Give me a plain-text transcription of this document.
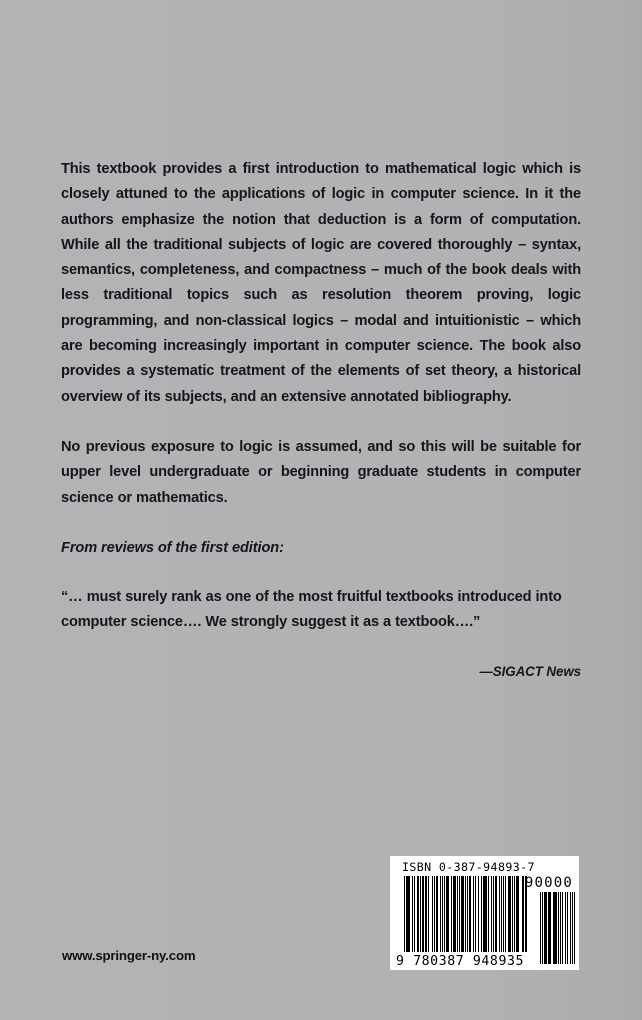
This textbook provides a first introduction to mathematical logic which is closely attuned to the applications of logic in computer science. In it the authors emphasize the notion that deduction is a form of computation. While all the traditional subjects of logic are covered thoroughly – syntax, semantics, completeness, and compactness – much of the book deals with less traditional topics such as resolution theorem proving, logic programming, and non-classical logics – modal and intuitionistic – which are becoming increasingly important in computer science. The book also provides a systematic treatment of the elements of set theory, a historical overview of its subjects, and an extensive annotated bibliography.

No previous exposure to logic is assumed, and so this will be suitable for upper level undergraduate or beginning graduate students in computer science or mathematics.

From reviews of the first edition:

“… must surely rank as one of the most fruitful textbooks introduced into computer science…. We strongly suggest it as a textbook….”

—SIGACT News

www.springer-ny.com
ISBN 0-387-94893-7
90000
9 780387 948935
